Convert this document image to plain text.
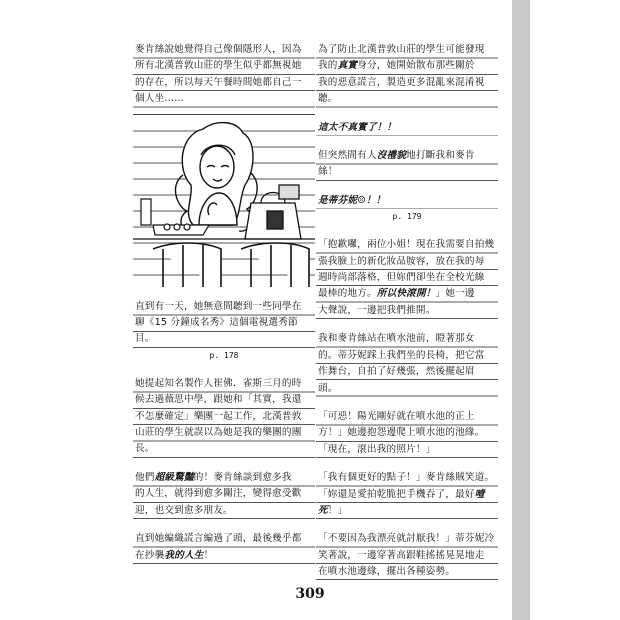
麥肯絲說她覺得自己像個隱形人，因為
所有北漢普敦山莊的學生似乎都無視她
的存在，所以每天午餐時間她都自己一
個人坐……
直到有一天，她無意間聽到一些同學在
聊《15 分鐘成名秀》這個電視選秀節
目。
p. 178
她提起知名製作人崔佛．雀斯三月的時
候去過薇思中學，跟她和「其實，我還
不怎麼確定」樂團一起工作，北漢普敦
山莊的學生就誤以為她是我的樂團的團
長。
他們超級驚豔的！麥肯絲談到愈多我
的人生，就得到愈多關注，變得愈受歡
迎，也交到愈多朋友。
直到她編織謊言編過了頭，最後幾乎都
在抄襲我的人生！
為了防止北漢普敦山莊的學生可能發現
我的真實身分，她開始散布那些關於
我的惡意謊言，製造更多混亂來混淆視
聽。
這太不真實了！！
但突然間有人沒禮貌地打斷我和麥肯
絲！
是蒂芬妮☹！！
p. 179
「抱歉囉，兩位小姐！現在我需要自拍幾
張我臉上的新化妝品胺容，放在我的每
週時尚部落格，但妳們卻坐在全校光線
最棒的地方。所以快滾開！」她一邊
大聲說，一邊把我們推開。
我和麥肯絲站在噴水池前，瞪著那女
的。蒂芬妮踩上我們坐的長椅，把它當
作舞台，自拍了好幾張，然後擺起眉
頭。
「可惡！陽光剛好就在噴水池的正上
方！」她邊抱怨邊爬上噴水池的池緣。
「現在，滾出我的照片！」
「我有個更好的點子！」麥肯絲賊笑道。
「妳還是愛拍乾脆把手機吞了，最好噎
死！」
「不要因為我漂亮就討厭我！」蒂芬妮冷
笑著說，一邊穿著高跟鞋搖搖晃晃地走
在噴水池邊緣，擺出各種姿勢。
309
